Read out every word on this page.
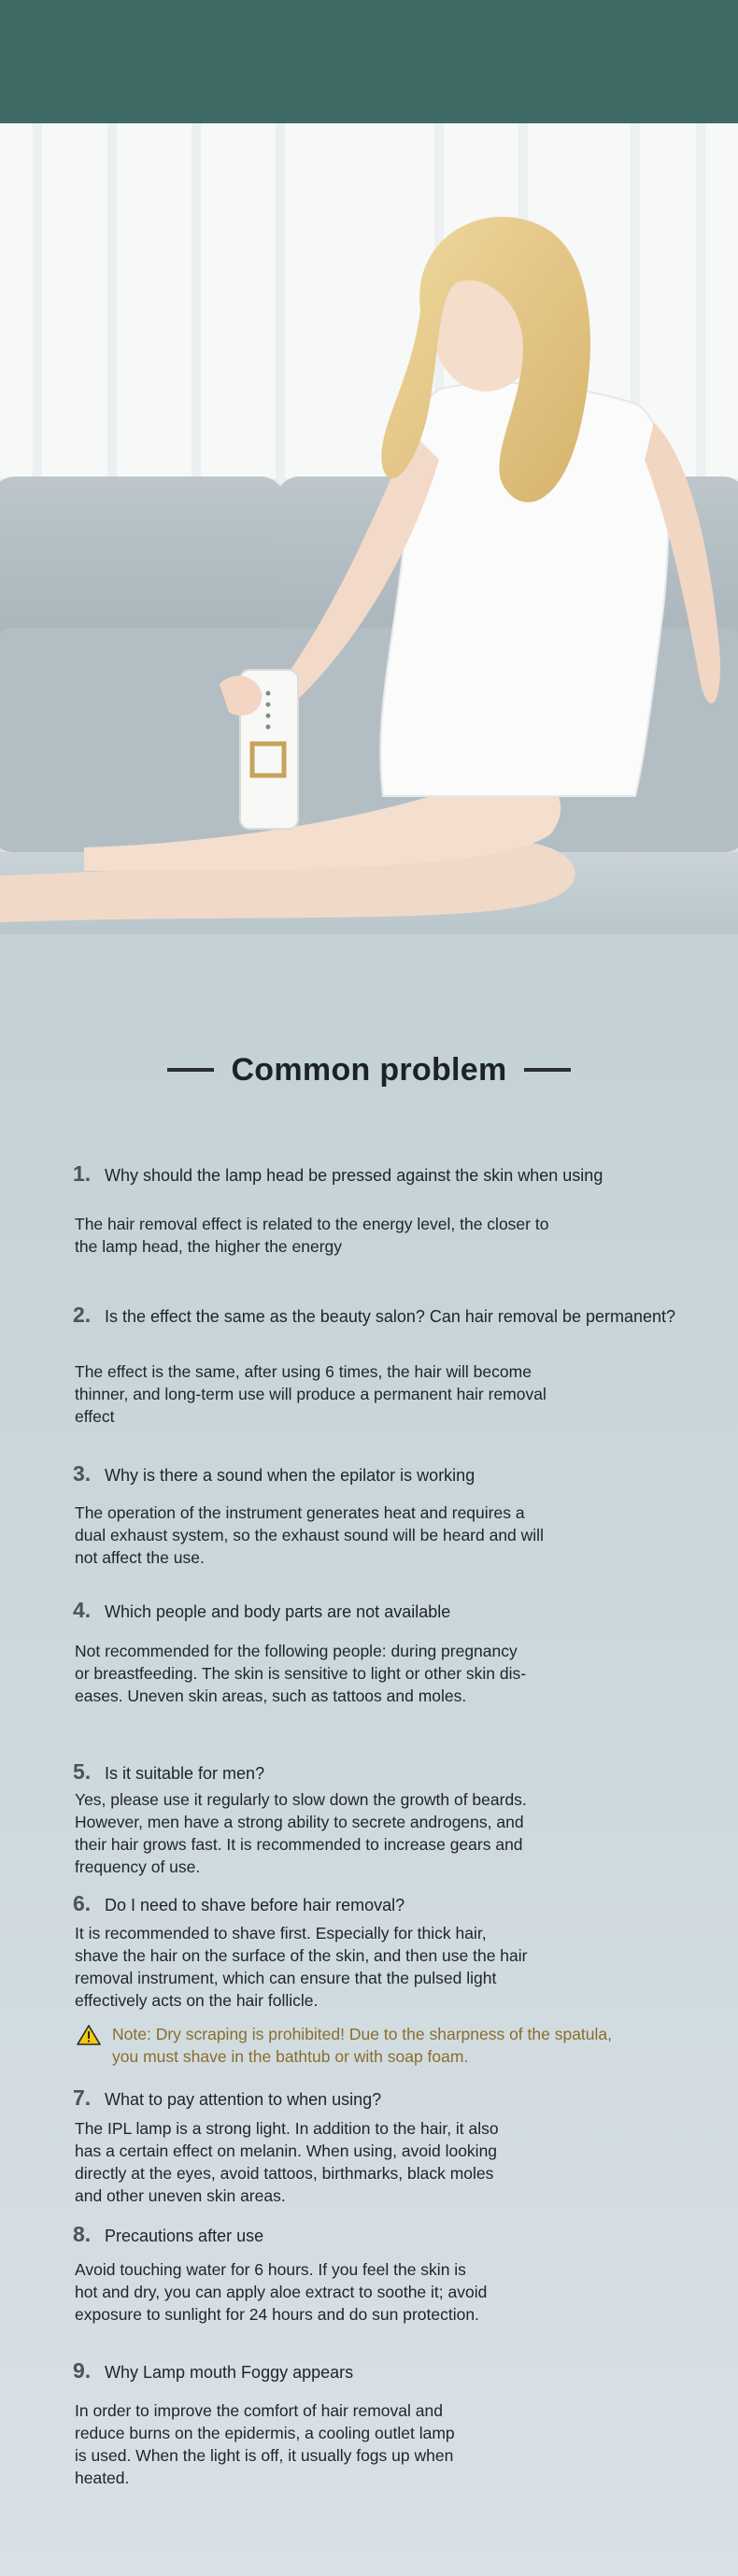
Common problem
1. Why should the lamp head be pressed against the skin when using

The hair removal effect is related to the energy level, the closer to

the lamp head, the higher the energy

2. Is the effect the same as the beauty salon? Can hair removal be permanent?

The effect is the same, after using 6 times, the hair will become

thinner, and long-term use will produce a permanent hair removal

effect

3. Why is there a sound when the epilator is working

The operation of the instrument generates heat and requires a

dual exhaust system, so the exhaust sound will be heard and will

not affect the use.

4. Which people and body parts are not available

Not recommended for the following people: during pregnancy

or breastfeeding. The skin is sensitive to light or other skin dis-

eases. Uneven skin areas, such as tattoos and moles.

5. Is it suitable for men?

Yes, please use it regularly to slow down the growth of beards.

However, men have a strong ability to secrete androgens, and

their hair grows fast. It is recommended to increase gears and

frequency of use.

6. Do I need to shave before hair removal?

It is recommended to shave first. Especially for thick hair,

shave the hair on the surface of the skin, and then use the hair

removal instrument, which can ensure that the pulsed light

effectively acts on the hair follicle.

Note: Dry scraping is prohibited! Due to the sharpness of the spatula,
you must shave in the bathtub or with soap foam.
7. What to pay attention to when using?

The IPL lamp is a strong light. In addition to the hair, it also

has a certain effect on melanin. When using, avoid looking

directly at the eyes, avoid tattoos, birthmarks, black moles

and other uneven skin areas.

8. Precautions after use

Avoid touching water for 6 hours. If you feel the skin is

hot and dry, you can apply aloe extract to soothe it; avoid

exposure to sunlight for 24 hours and do sun protection.

9. Why Lamp mouth Foggy appears

In order to improve the comfort of hair removal and

reduce burns on the epidermis, a cooling outlet lamp

is used. When the light is off, it usually fogs up when

heated.
